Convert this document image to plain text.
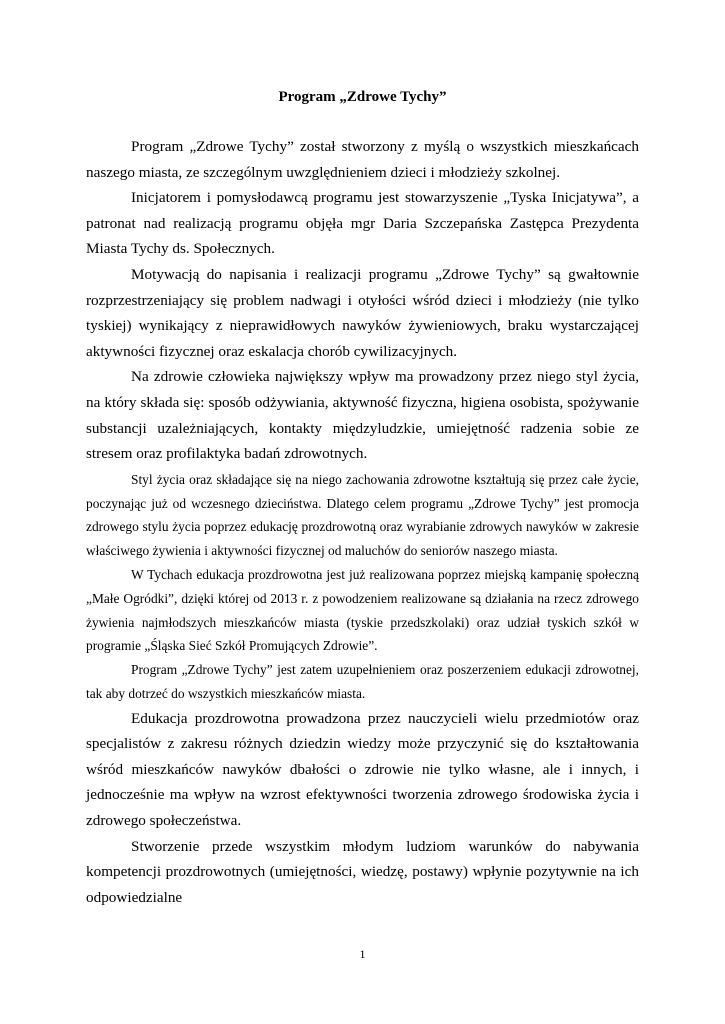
Program „Zdrowe Tychy”

Program „Zdrowe Tychy” został stworzony z myślą o wszystkich mieszkańcach naszego miasta, ze szczególnym uwzględnieniem dzieci i młodzieży szkolnej.

Inicjatorem i pomysłodawcą programu jest stowarzyszenie „Tyska Inicjatywa”, a patronat nad realizacją programu objęła mgr Daria Szczepańska Zastępca Prezydenta Miasta Tychy ds. Społecznych.

Motywacją do napisania i realizacji programu „Zdrowe Tychy” są gwałtownie rozprzestrzeniający się problem nadwagi i otyłości wśród dzieci i młodzieży (nie tylko tyskiej) wynikający z nieprawidłowych nawyków żywieniowych, braku wystarczającej aktywności fizycznej oraz eskalacja chorób cywilizacyjnych.

Na zdrowie człowieka największy wpływ ma prowadzony przez niego styl życia, na który składa się: sposób odżywiania, aktywność fizyczna, higiena osobista, spożywanie substancji uzależniających, kontakty międzyludzkie, umiejętność radzenia sobie ze stresem oraz profilaktyka badań zdrowotnych.

Styl życia oraz składające się na niego zachowania zdrowotne kształtują się przez całe życie, poczynając już od wczesnego dzieciństwa. Dlatego celem programu „Zdrowe Tychy” jest promocja zdrowego stylu życia poprzez edukację prozdrowotną oraz wyrabianie zdrowych nawyków w zakresie właściwego żywienia i aktywności fizycznej od maluchów do seniorów naszego miasta.

W Tychach edukacja prozdrowotna jest już realizowana poprzez miejską kampanię społeczną „Małe Ogródki”, dzięki której od 2013 r. z powodzeniem realizowane są działania na rzecz zdrowego żywienia najmłodszych mieszkańców miasta (tyskie przedszkolaki) oraz udział tyskich szkół w programie „Śląska Sieć Szkół Promujących Zdrowie”.

Program „Zdrowe Tychy” jest zatem uzupełnieniem oraz poszerzeniem edukacji zdrowotnej, tak aby dotrzeć do wszystkich mieszkańców miasta.

Edukacja prozdrowotna prowadzona przez nauczycieli wielu przedmiotów oraz specjalistów z zakresu różnych dziedzin wiedzy może przyczynić się do kształtowania wśród mieszkańców nawyków dbałości o zdrowie nie tylko własne, ale i innych, i jednocześnie ma wpływ na wzrost efektywności tworzenia zdrowego środowiska życia i zdrowego społeczeństwa.

Stworzenie przede wszystkim młodym ludziom warunków do nabywania kompetencji prozdrowotnych (umiejętności, wiedzę, postawy) wpłynie pozytywnie na ich odpowiedzialne

1
